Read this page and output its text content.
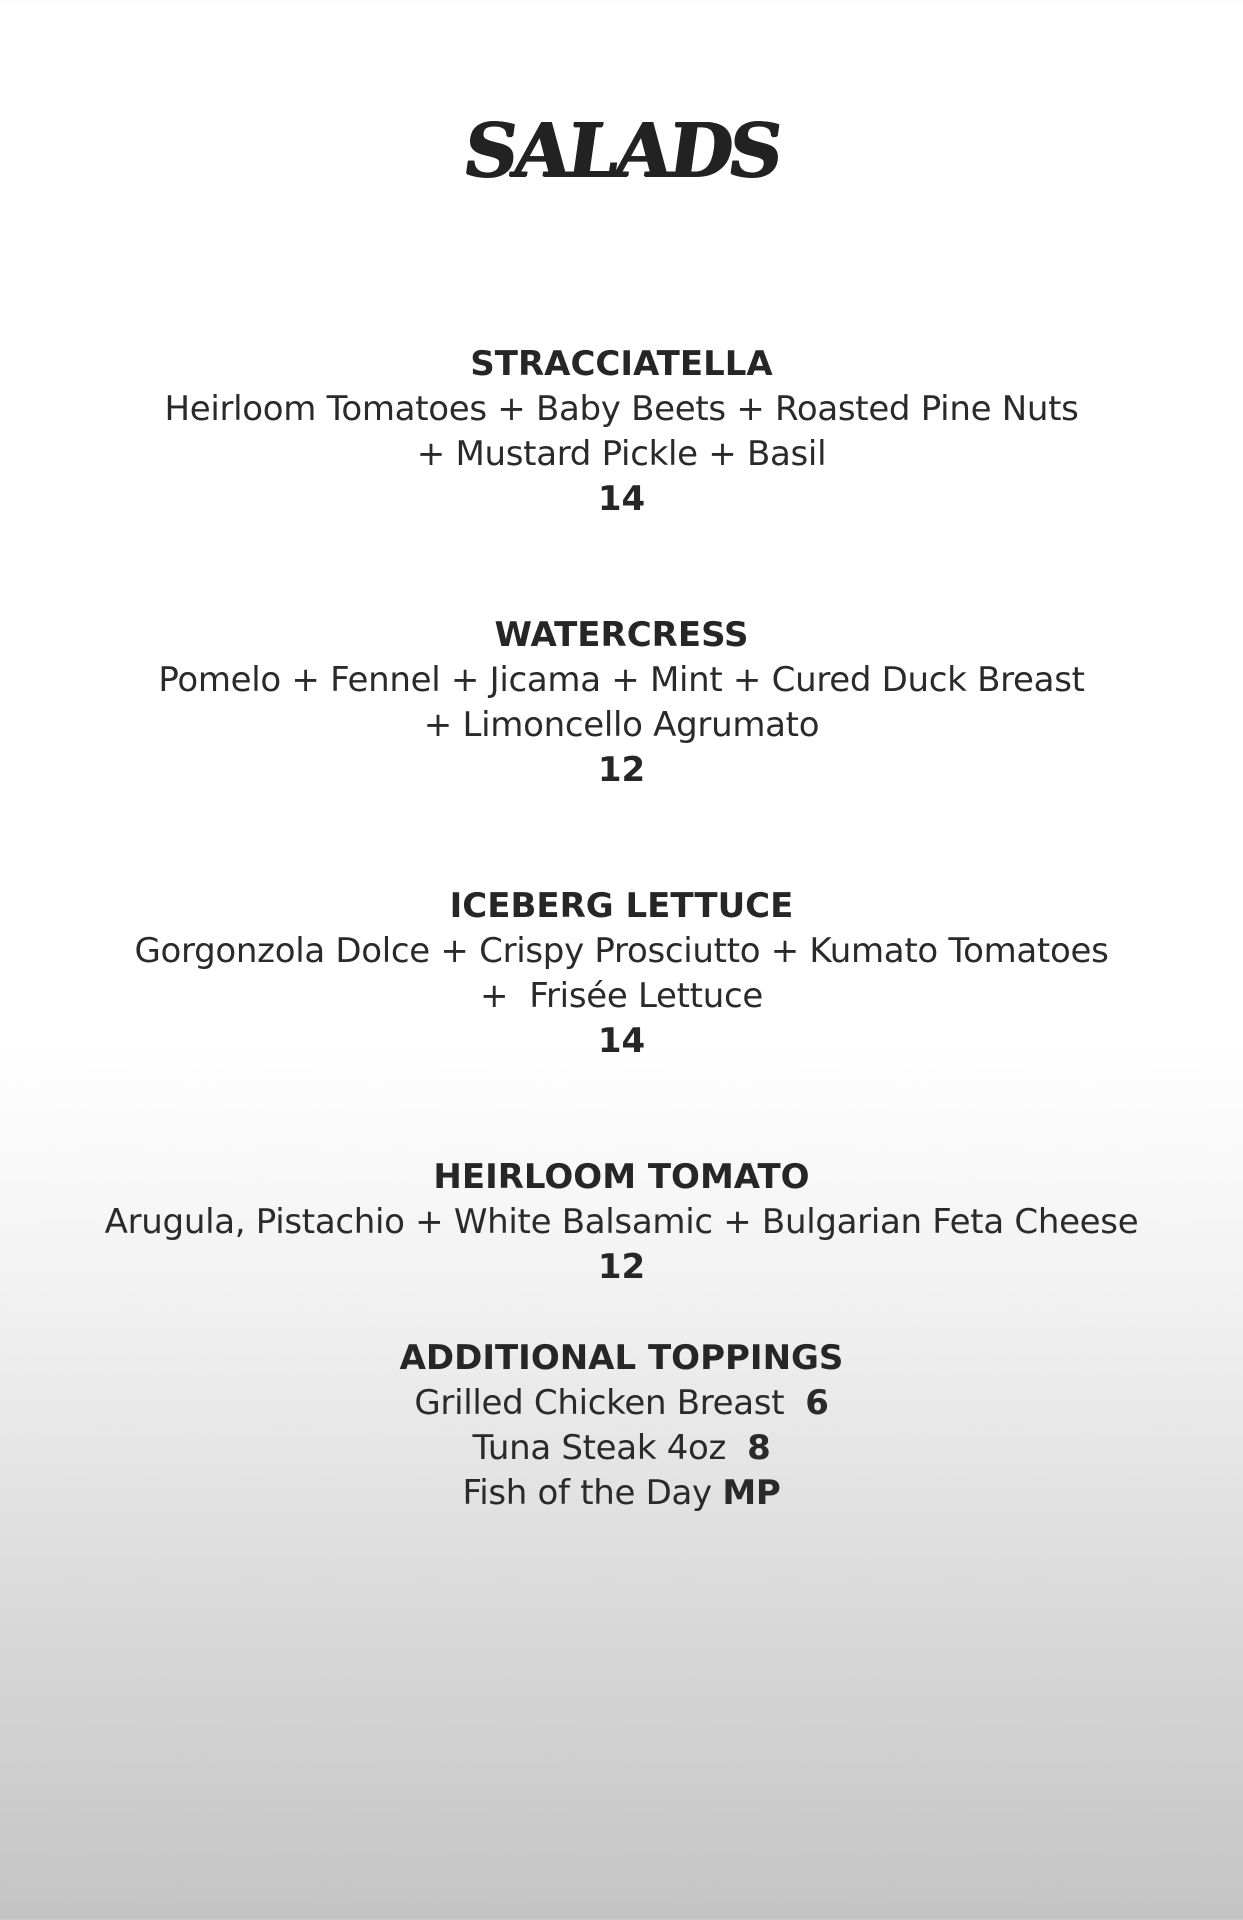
SALADS
STRACCIATELLA
Heirloom Tomatoes + Baby Beets + Roasted Pine Nuts
+ Mustard Pickle + Basil
14
WATERCRESS
Pomelo + Fennel + Jicama + Mint + Cured Duck Breast
+ Limoncello Agrumato
12
ICEBERG LETTUCE
Gorgonzola Dolce + Crispy Prosciutto + Kumato Tomatoes
+  Frisée Lettuce
14
HEIRLOOM TOMATO
Arugula, Pistachio + White Balsamic + Bulgarian Feta Cheese
12
ADDITIONAL TOPPINGS
Grilled Chicken Breast 6
Tuna Steak 4oz 8
Fish of the Day MP
